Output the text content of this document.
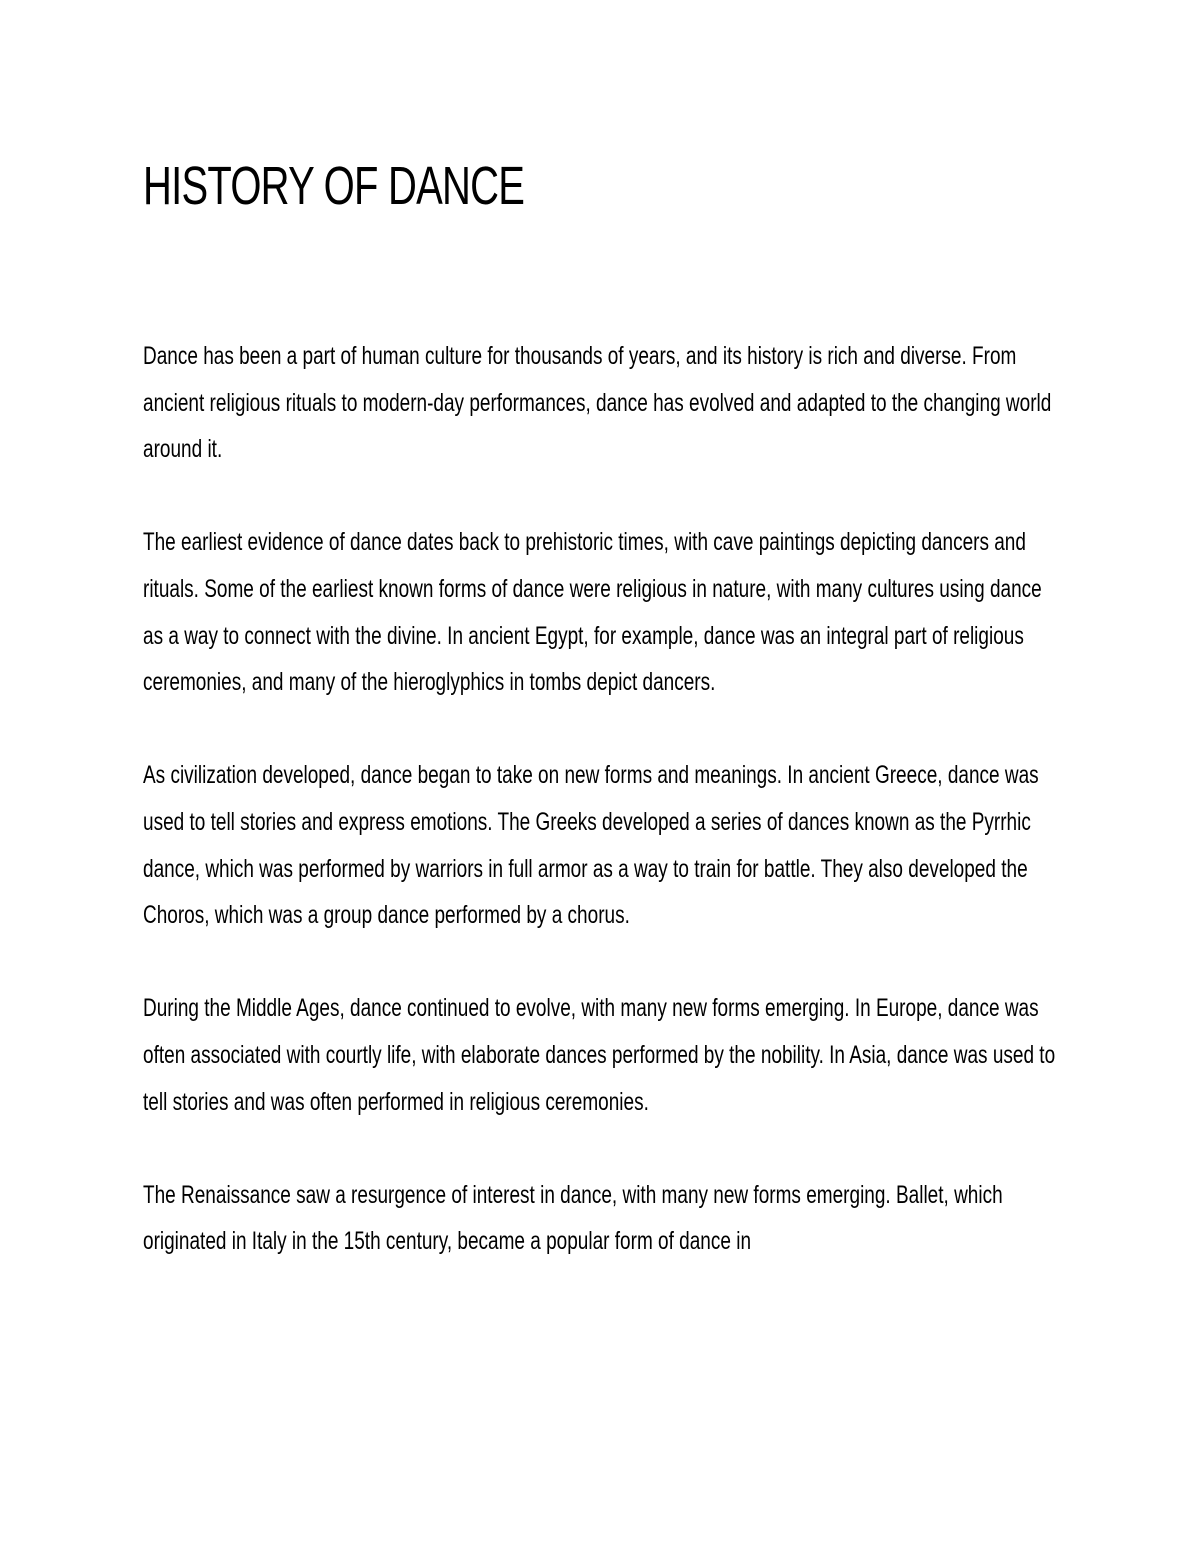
HISTORY OF DANCE

Dance has been a part of human culture for thousands of years, and its history is rich and diverse. From ancient religious rituals to modern-day performances, dance has evolved and adapted to the changing world around it.

The earliest evidence of dance dates back to prehistoric times, with cave paintings depicting dancers and rituals. Some of the earliest known forms of dance were religious in nature, with many cultures using dance as a way to connect with the divine. In ancient Egypt, for example, dance was an integral part of religious ceremonies, and many of the hieroglyphics in tombs depict dancers.

As civilization developed, dance began to take on new forms and meanings. In ancient Greece, dance was used to tell stories and express emotions. The Greeks developed a series of dances known as the Pyrrhic dance, which was performed by warriors in full armor as a way to train for battle. They also developed the Choros, which was a group dance performed by a chorus.

During the Middle Ages, dance continued to evolve, with many new forms emerging. In Europe, dance was often associated with courtly life, with elaborate dances performed by the nobility. In Asia, dance was used to tell stories and was often performed in religious ceremonies.

The Renaissance saw a resurgence of interest in dance, with many new forms emerging. Ballet, which originated in Italy in the 15th century, became a popular form of dance in
